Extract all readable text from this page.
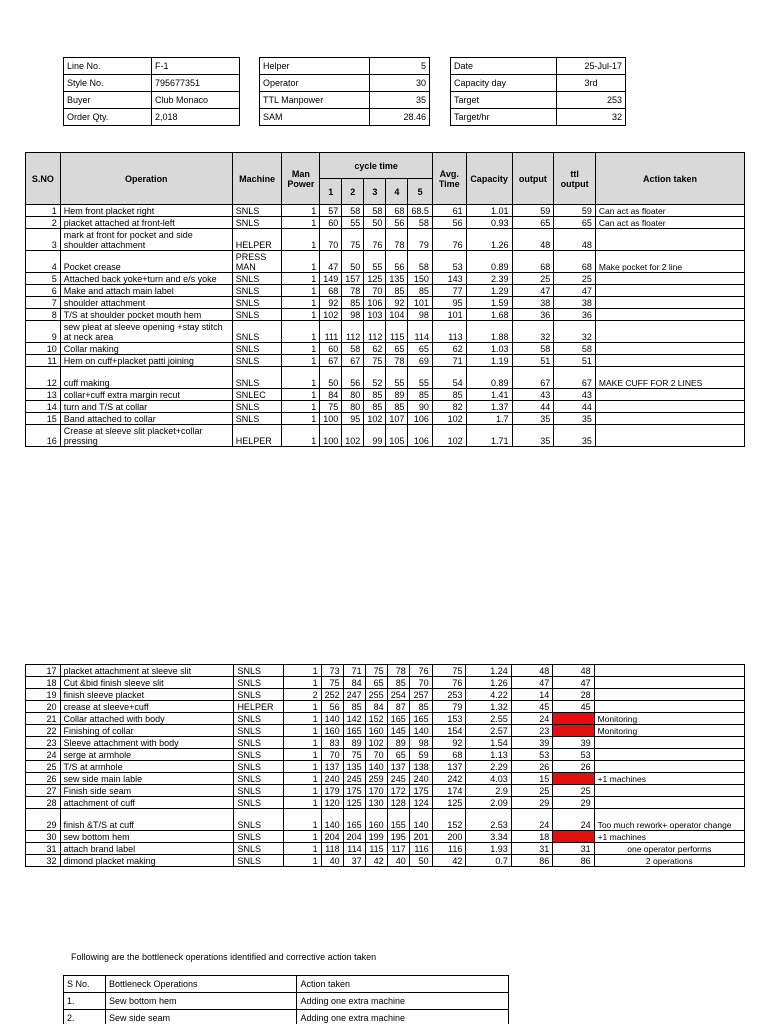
Line No.	F-1
Style No.	795677351
Buyer	Club Monaco
Order Qty.	2,018
Helper	5
Operator	30
TTL Manpower	35
SAM	28.46
Date	25-Jul-17
Capacity day	3rd
Target	253
Target/hr	32
S.NO	Operation	Machine	Man Power	cycle time					Avg. Time	Capacity	output	ttl output	Action taken
				1	2	3	4	5					
1	Hem front placket right	SNLS	1	57	58	58	68	68.5	61	1.01	59	59	Can act as floater
2	placket attached at front-left	SNLS	1	60	55	50	56	58	56	0.93	65	65	Can act as floater
3	mark at front for pocket and side shoulder attachment	HELPER	1	70	75	76	78	79	76	1.26	48	48	
4	Pocket crease	PRESS MAN	1	47	50	55	56	58	53	0.89	68	68	Make pocket for 2 line
5	Attached back yoke+turn and e/s yoke	SNLS	1	149	157	125	135	150	143	2.39	25	25	
6	Make and attach main label	SNLS	1	68	78	70	85	85	77	1.29	47	47	
7	shoulder attachment	SNLS	1	92	85	106	92	101	95	1.59	38	38	
8	T/S at shoulder pocket mouth hem	SNLS	1	102	98	103	104	98	101	1.68	36	36	
9	sew pleat at sleeve opening +stay stitch at neck area	SNLS	1	111	112	112	115	114	113	1.88	32	32	
10	Collar making	SNLS	1	60	58	62	65	65	62	1.03	58	58	
11	Hem on cuff+placket patti joining	SNLS	1	67	67	75	78	69	71	1.19	51	51	
12	cuff making	SNLS	1	50	56	52	55	55	54	0.89	67	67	MAKE CUFF FOR 2 LINES
13	collar+cuff extra margin recut	SNLEC	1	84	80	85	89	85	85	1.41	43	43	
14	turn and T/S at collar	SNLS	1	75	80	85	85	90	82	1.37	44	44	
15	Band attached to collar	SNLS	1	100	95	102	107	106	102	1.7	35	35	
16	Crease at sleeve slit placket+collar pressing	HELPER	1	100	102	99	105	106	102	1.71	35	35	
17	placket attachment at sleeve slit	SNLS	1	73	71	75	78	76	75	1.24	48	48	
18	Cut &bid finish sleeve slit	SNLS	1	75	84	65	85	70	76	1.26	47	47	
19	finish sleeve placket	SNLS	2	252	247	255	254	257	253	4.22	14	28	
20	crease at sleeve+cuff	HELPER	1	56	85	84	87	85	79	1.32	45	45	
21	Collar attached with body	SNLS	1	140	142	152	165	165	153	2.55	24	24	Monitoring
22	Finishing of collar	SNLS	1	160	165	160	145	140	154	2.57	23	23	Monitoring
23	Sleeve attachment with body	SNLS	1	83	89	102	89	98	92	1.54	39	39	
24	serge at armhole	SNLS	1	70	75	70	65	59	68	1.13	53	53	
25	T/S at armhole	SNLS	1	137	135	140	137	138	137	2.29	26	26	
26	sew side main lable	SNLS	1	240	245	259	245	240	242	4.03	15	15	+1 machines
27	Finish side seam	SNLS	1	179	175	170	172	175	174	2.9	25	25	
28	attachment of cuff	SNLS	1	120	125	130	128	124	125	2.09	29	29	
29	finish &T/S at cuff	SNLS	1	140	165	160	155	140	152	2.53	24	24	Too much rework+ operator change
30	sew bottom hem	SNLS	1	204	204	199	195	201	200	3.34	18	18	+1 machines
31	attach brand label	SNLS	1	118	114	115	117	116	116	1.93	31	31	one operator performs
32	dimond placket making	SNLS	1	40	37	42	40	50	42	0.7	86	86	2 operations
Following are the bottleneck operations identified and corrective action taken
S No.	Bottleneck Operations	Action taken
1.	Sew bottom hem	Adding one extra machine
2.	Sew side seam	Adding one extra machine
